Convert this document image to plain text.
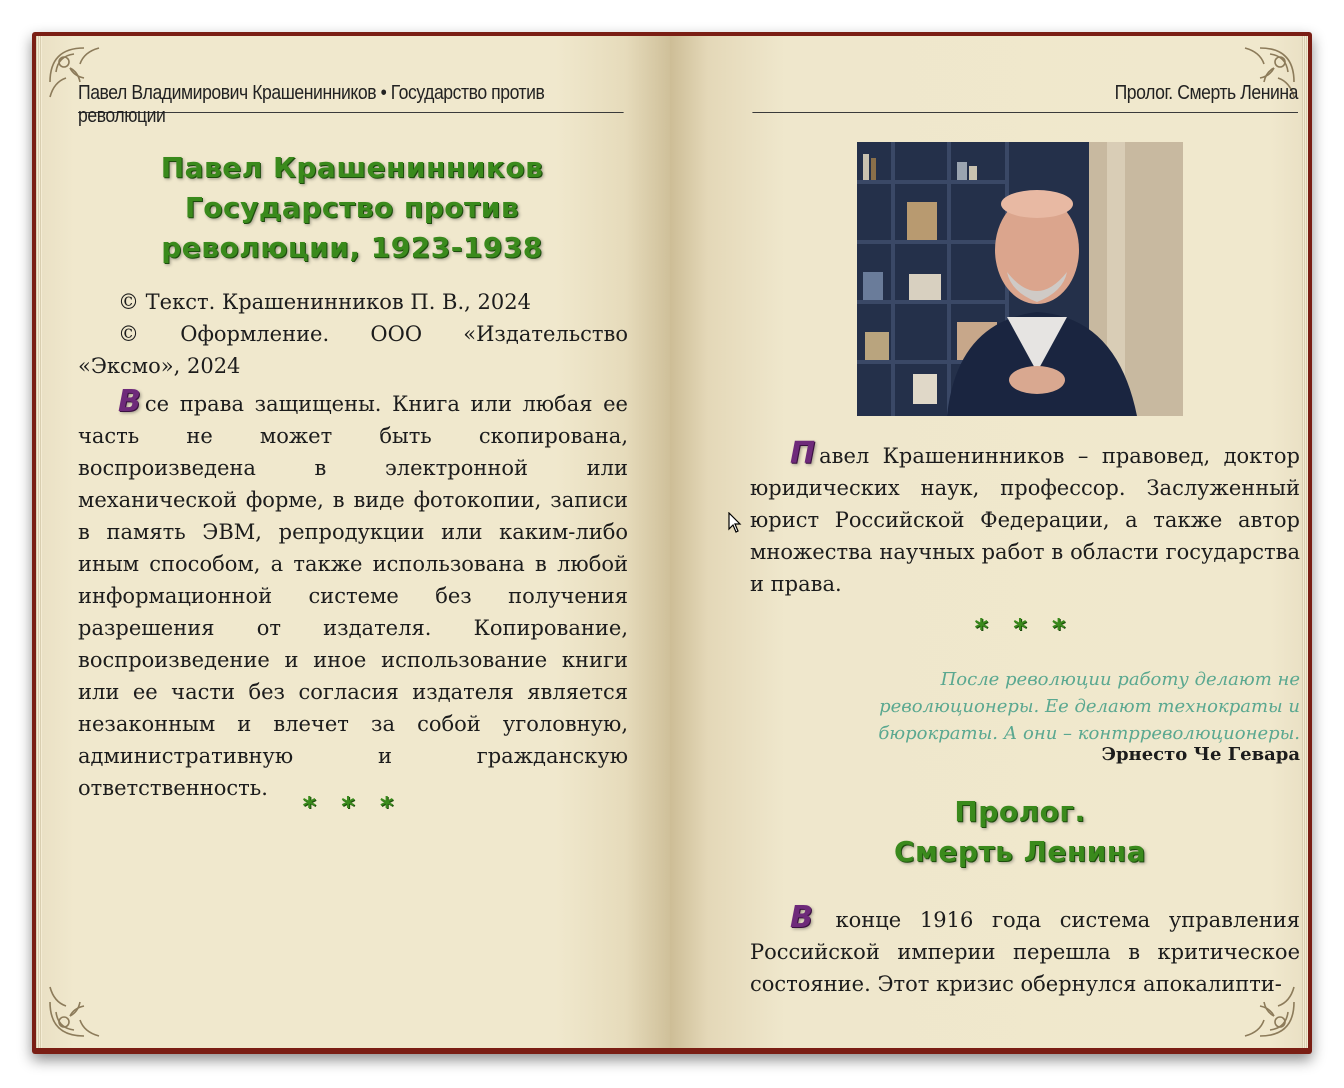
Павел Владимирович Крашенинников • Государство против революции
Павел Крашенинников
Государство против
революции, 1923-1938

© Текст. Крашенинников П. В., 2024

© Оформление. ООО «Издательство «Эксмо», 2024

В се права защищены. Книга или любая ее часть не может быть скопирована, воспроизведена в электронной или механической форме, в виде фотокопии, записи в память ЭВМ, репродукции или каким-либо иным способом, а также использована в любой информационной системе без получения разрешения от издателя. Копирование, воспроизведение и иное использование книги или ее части без согласия издателя является незаконным и влечет за собой уголовную, административную и гражданскую ответственность.

* * *
Пролог. Смерть Ленина

П авел Крашенинников – правовед, доктор юридических наук, профессор. Заслуженный юрист Российской Федерации, а также автор множества научных работ в области государства и права.

* * *
После революции работу делают не революционеры. Ее делают технократы и бюрократы. А они – контрреволюционеры.
Эрнесто Че Гевара
Пролог.
Смерть Ленина

В конце 1916 года система управления Российской империи перешла в критическое состояние. Этот кризис обернулся апокалипти-
